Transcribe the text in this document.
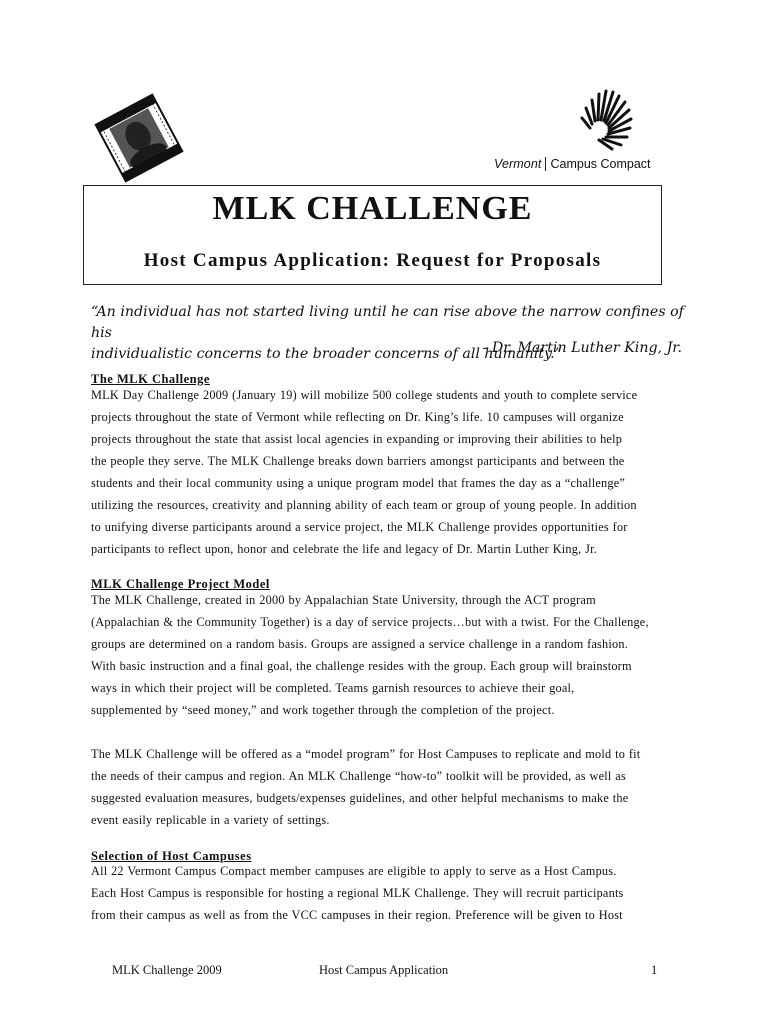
Vermont Campus Compact
MLK CHALLENGE
Host Campus Application: Request for Proposals
“An individual has not started living until he can rise above the narrow confines of his
individualistic concerns to the broader concerns of all humanity.”
- Dr. Martin Luther King, Jr.
The MLK Challenge
MLK Day Challenge 2009 (January 19) will mobilize 500 college students and youth to complete service
projects throughout the state of Vermont while reflecting on Dr. King’s life. 10 campuses will organize
projects throughout the state that assist local agencies in expanding or improving their abilities to help
the people they serve. The MLK Challenge breaks down barriers amongst participants and between the
students and their local community using a unique program model that frames the day as a “challenge”
utilizing the resources, creativity and planning ability of each team or group of young people. In addition
to unifying diverse participants around a service project, the MLK Challenge provides opportunities for
participants to reflect upon, honor and celebrate the life and legacy of Dr. Martin Luther King, Jr.
MLK Challenge Project Model
The MLK Challenge, created in 2000 by Appalachian State University, through the ACT program
(Appalachian & the Community Together) is a day of service projects…but with a twist. For the Challenge,
groups are determined on a random basis. Groups are assigned a service challenge in a random fashion.
With basic instruction and a final goal, the challenge resides with the group. Each group will brainstorm
ways in which their project will be completed. Teams garnish resources to achieve their goal,
supplemented by “seed money,” and work together through the completion of the project.
The MLK Challenge will be offered as a “model program” for Host Campuses to replicate and mold to fit
the needs of their campus and region. An MLK Challenge “how-to” toolkit will be provided, as well as
suggested evaluation measures, budgets/expenses guidelines, and other helpful mechanisms to make the
event easily replicable in a variety of settings.
Selection of Host Campuses
All 22 Vermont Campus Compact member campuses are eligible to apply to serve as a Host Campus.
Each Host Campus is responsible for hosting a regional MLK Challenge. They will recruit participants
from their campus as well as from the VCC campuses in their region. Preference will be given to Host
MLK Challenge 2009	Host Campus Application	1
